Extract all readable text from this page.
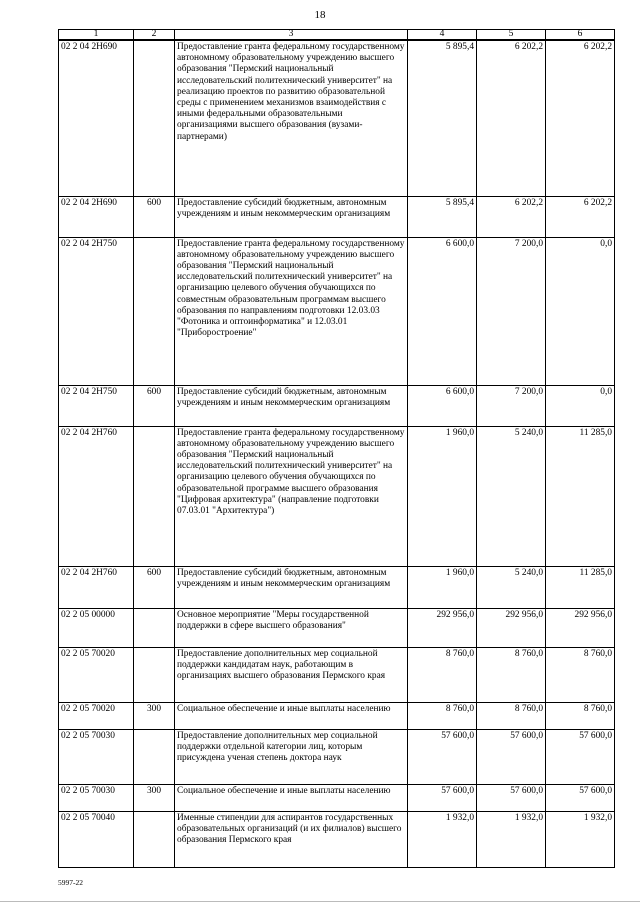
18
1	2	3	4	5	6
02 2 04 2Н690		Предоставление гранта федеральному государственному автономному образовательному учреждению высшего образования "Пермский национальный исследовательский политехнический университет" на реализацию проектов по развитию образовательной среды с применением механизмов взаимодействия с иными федеральными образовательными организациями высшего образования (вузами-партнерами)	5 895,4	6 202,2	6 202,2
02 2 04 2Н690	600	Предоставление субсидий бюджетным, автономным учреждениям и иным некоммерческим организациям	5 895,4	6 202,2	6 202,2
02 2 04 2Н750		Предоставление гранта федеральному государственному автономному образовательному учреждению высшего образования "Пермский национальный исследовательский политехнический университет" на организацию целевого обучения обучающихся по совместным образовательным программам высшего образования по направлениям подготовки 12.03.03 "Фотоника и оптоинформатика" и 12.03.01 "Приборостроение"	6 600,0	7 200,0	0,0
02 2 04 2Н750	600	Предоставление субсидий бюджетным, автономным учреждениям и иным некоммерческим организациям	6 600,0	7 200,0	0,0
02 2 04 2Н760		Предоставление гранта федеральному государственному автономному образовательному учреждению высшего образования "Пермский национальный исследовательский политехнический университет" на организацию целевого обучения обучающихся по образовательной программе высшего образования "Цифровая архитектура" (направление подготовки 07.03.01 "Архитектура")	1 960,0	5 240,0	11 285,0
02 2 04 2Н760	600	Предоставление субсидий бюджетным, автономным учреждениям и иным некоммерческим организациям	1 960,0	5 240,0	11 285,0
02 2 05 00000		Основное мероприятие "Меры государственной поддержки в сфере высшего образования"	292 956,0	292 956,0	292 956,0
02 2 05 70020		Предоставление дополнительных мер социальной поддержки кандидатам наук, работающим в организациях высшего образования Пермского края	8 760,0	8 760,0	8 760,0
02 2 05 70020	300	Социальное обеспечение и иные выплаты населению	8 760,0	8 760,0	8 760,0
02 2 05 70030		Предоставление дополнительных мер социальной поддержки отдельной категории лиц, которым присуждена ученая степень доктора наук	57 600,0	57 600,0	57 600,0
02 2 05 70030	300	Социальное обеспечение и иные выплаты населению	57 600,0	57 600,0	57 600,0
02 2 05 70040		Именные стипендии для аспирантов государственных образовательных организаций (и их филиалов) высшего образования Пермского края	1 932,0	1 932,0	1 932,0
5997-22
